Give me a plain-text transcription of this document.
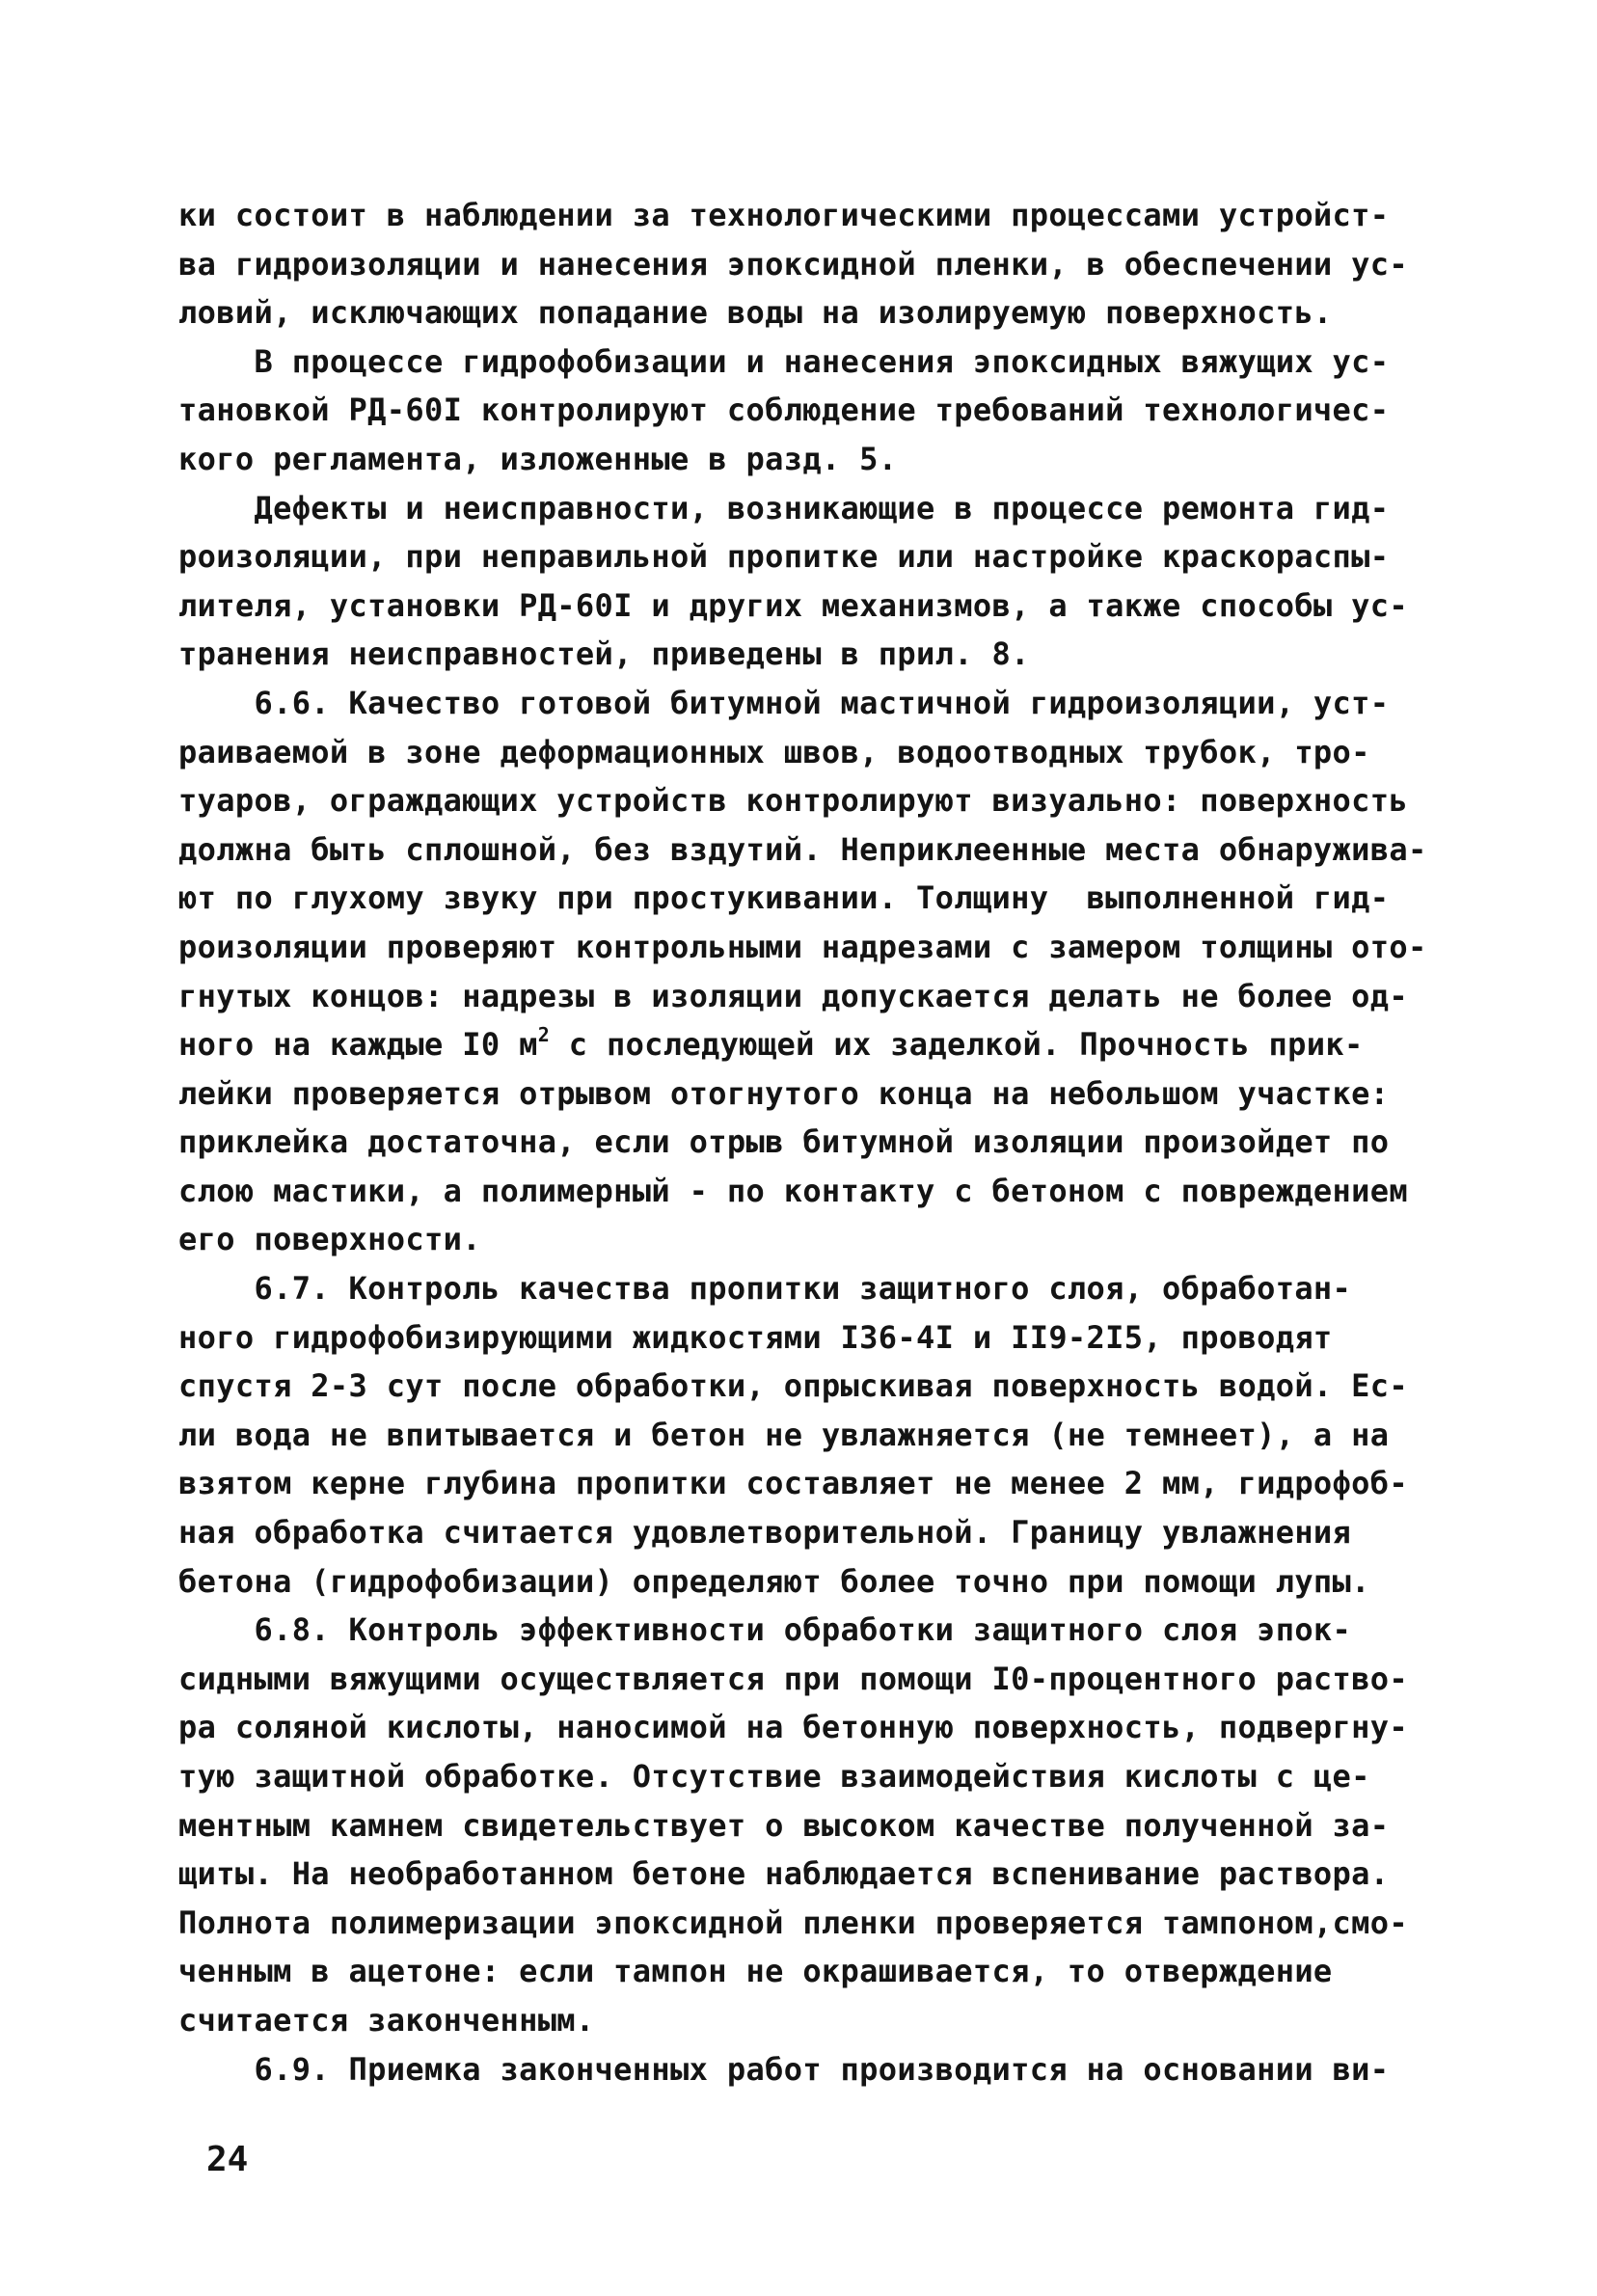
ки состоит в наблюдении за технологическими процессами устройст-
ва гидроизоляции и нанесения эпоксидной пленки, в обеспечении ус-
ловий, исключающих попадание воды на изолируемую поверхность.
В процессе гидрофобизации и нанесения эпоксидных вяжущих ус-
тановкой РД-60I контролируют соблюдение требований технологичес-
кого регламента, изложенные в разд. 5.
Дефекты и неисправности, возникающие в процессе ремонта гид-
роизоляции, при неправильной пропитке или настройке краскораспы-
лителя, установки РД-60I и других механизмов, а также способы ус-
транения неисправностей, приведены в прил. 8.
6.6. Качество готовой битумной мастичной гидроизоляции, уст-
раиваемой в зоне деформационных швов, водоотводных трубок, тро-
туаров, ограждающих устройств контролируют визуально: поверхность
должна быть сплошной, без вздутий. Неприклеенные места обнаружива-
ют по глухому звуку при простукивании. Толщину  выполненной гид-
роизоляции проверяют контрольными надрезами с замером толщины ото-
гнутых концов: надрезы в изоляции допускается делать не более од-
ного на каждые I0 $м^2$ с последующей их заделкой. Прочность прик-
лейки проверяется отрывом отогнутого конца на небольшом участке:
приклейка достаточна, если отрыв битумной изоляции произойдет по
слою мастики, а полимерный - по контакту с бетоном с повреждением
его поверхности.
6.7. Контроль качества пропитки защитного слоя, обработан-
ного гидрофобизирующими жидкостями I36-4I и II9-2I5, проводят
спустя 2-3 сут после обработки, опрыскивая поверхность водой. Ес-
ли вода не впитывается и бетон не увлажняется (не темнеет), а на
взятом керне глубина пропитки составляет не менее 2 мм, гидрофоб-
ная обработка считается удовлетворительной. Границу увлажнения
бетона (гидрофобизации) определяют более точно при помощи лупы.
6.8. Контроль эффективности обработки защитного слоя эпок-
сидными вяжущими осуществляется при помощи I0-процентного раство-
ра соляной кислоты, наносимой на бетонную поверхность, подвергну-
тую защитной обработке. Отсутствие взаимодействия кислоты с це-
ментным камнем свидетельствует о высоком качестве полученной за-
щиты. На необработанном бетоне наблюдается вспенивание раствора.
Полнота полимеризации эпоксидной пленки проверяется тампоном,смо-
ченным в ацетоне: если тампон не окрашивается, то отверждение
считается законченным.
6.9. Приемка законченных работ производится на основании ви-
24
